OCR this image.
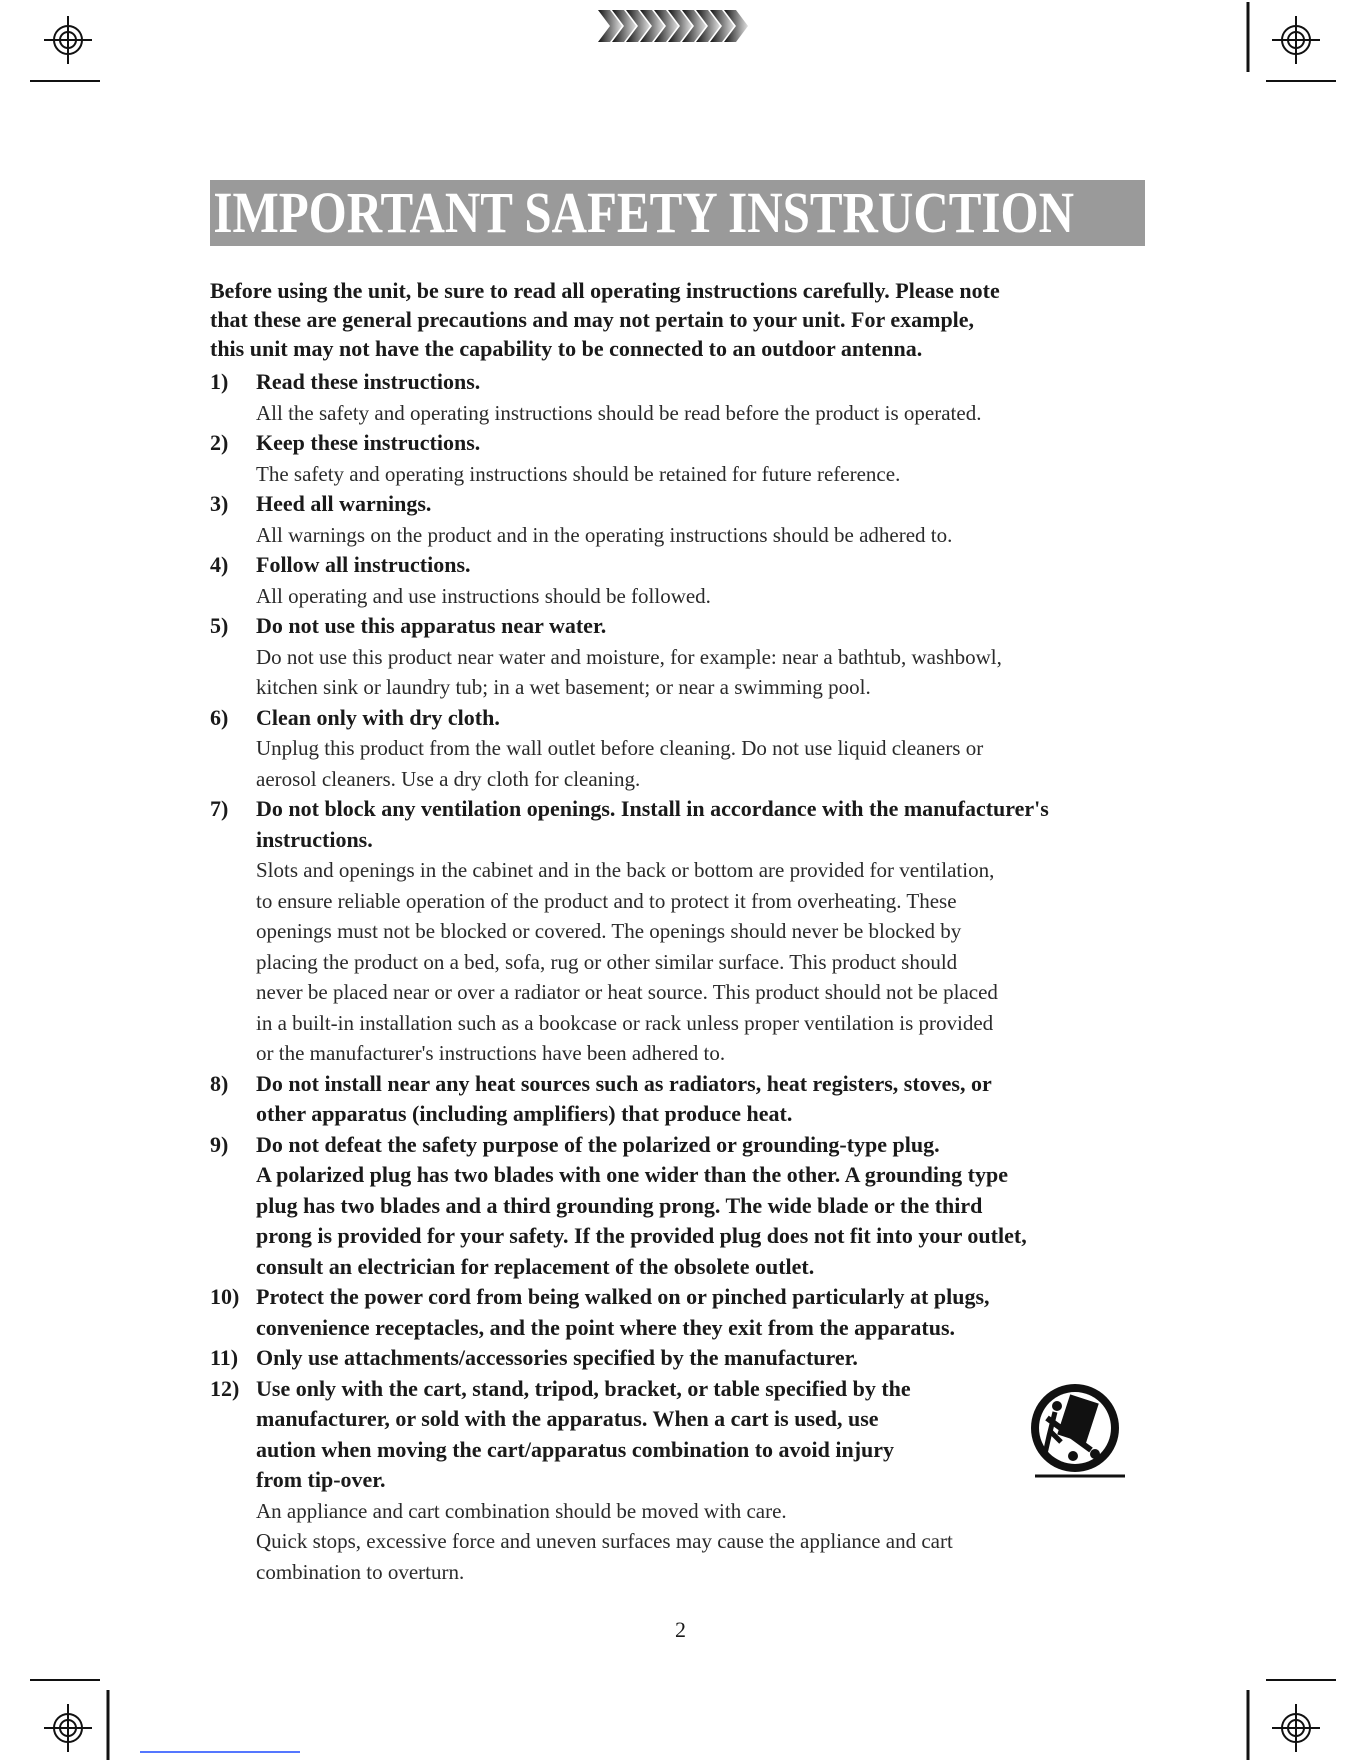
IMPORTANT SAFETY INSTRUCTION
Before using the unit, be sure to read all operating instructions carefully. Please note
that these are general precautions and may not pertain to your unit. For example,
this unit may not have the capability to be connected to an outdoor antenna.
1) Read these instructions.
All the safety and operating instructions should be read before the product is operated.
2) Keep these instructions.
The safety and operating instructions should be retained for future reference.
3) Heed all warnings.
All warnings on the product and in the operating instructions should be adhered to.
4) Follow all instructions.
All operating and use instructions should be followed.
5) Do not use this apparatus near water.
Do not use this product near water and moisture, for example: near a bathtub, washbowl,
kitchen sink or laundry tub; in a wet basement; or near a swimming pool.
6) Clean only with dry cloth.
Unplug this product from the wall outlet before cleaning. Do not use liquid cleaners or
aerosol cleaners. Use a dry cloth for cleaning.
7) Do not block any ventilation openings. Install in accordance with the manufacturer's
instructions.
Slots and openings in the cabinet and in the back or bottom are provided for ventilation,
to ensure reliable operation of the product and to protect it from overheating. These
openings must not be blocked or covered. The openings should never be blocked by
placing the product on a bed, sofa, rug or other similar surface. This product should
never be placed near or over a radiator or heat source. This product should not be placed
in a built-in installation such as a bookcase or rack unless proper ventilation is provided
or the manufacturer's instructions have been adhered to.
8) Do not install near any heat sources such as radiators, heat registers, stoves, or
other apparatus (including amplifiers) that produce heat.
9) Do not defeat the safety purpose of the polarized or grounding-type plug.
A polarized plug has two blades with one wider than the other. A grounding type
plug has two blades and a third grounding prong. The wide blade or the third
prong is provided for your safety. If the provided plug does not fit into your outlet,
consult an electrician for replacement of the obsolete outlet.
10) Protect the power cord from being walked on or pinched particularly at plugs,
convenience receptacles, and the point where they exit from the apparatus.
11) Only use attachments/accessories specified by the manufacturer.
12) Use only with the cart, stand, tripod, bracket, or table specified by the
manufacturer, or sold with the apparatus. When a cart is used, use
aution when moving the cart/apparatus combination to avoid injury
from tip-over.
An appliance and cart combination should be moved with care.
Quick stops, excessive force and uneven surfaces may cause the appliance and cart
combination to overturn.
2
